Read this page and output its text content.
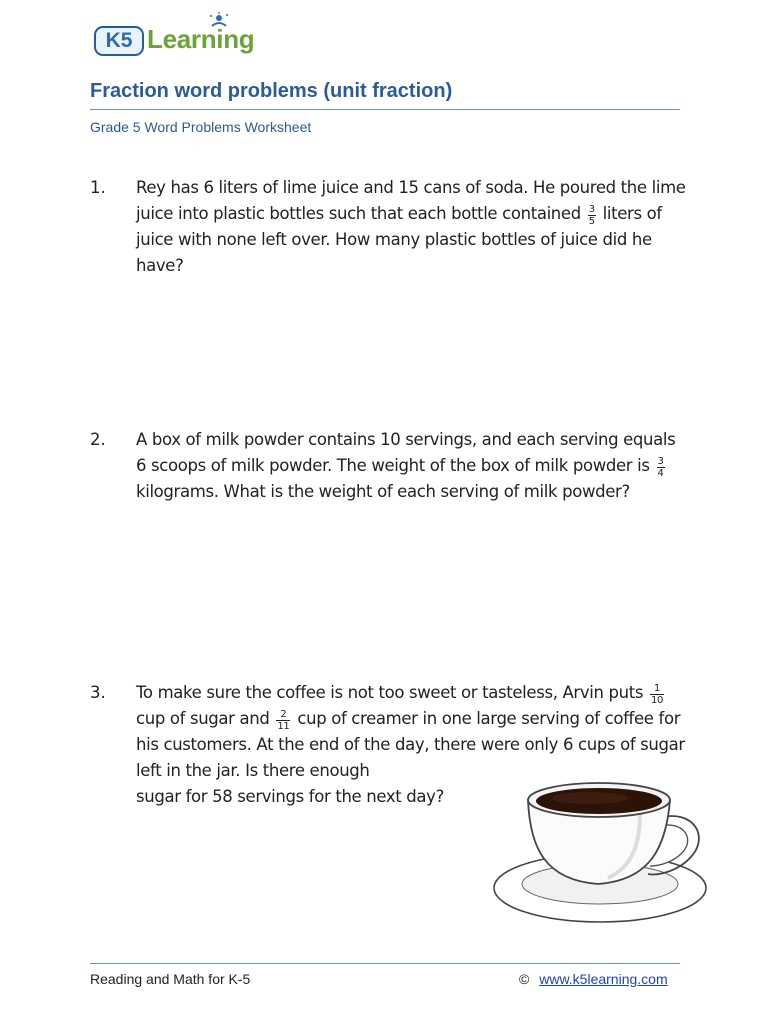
K5 Learning
Fraction word problems (unit fraction)
Grade 5 Word Problems Worksheet
1. Rey has 6 liters of lime juice and 15 cans of soda. He poured the lime juice into plastic bottles such that each bottle contained $\frac{3}{5}$ liters of juice with none left over. How many plastic bottles of juice did he have?
2. A box of milk powder contains 10 servings, and each serving equals 6 scoops of milk powder. The weight of the box of milk powder is $\frac{3}{4}$
kilograms. What is the weight of each serving of milk powder?
3. To make sure the coffee is not too sweet or tasteless, Arvin puts $\frac{1}{10}$
cup of sugar and $\frac{2}{11}$ cup of creamer in one large serving of coffee for his customers. At the end of the day, there were only 6 cups of sugar left in the jar. Is there enough
sugar for 58 servings for the next day?
Reading and Math for K-5	© www.k5learning.com
